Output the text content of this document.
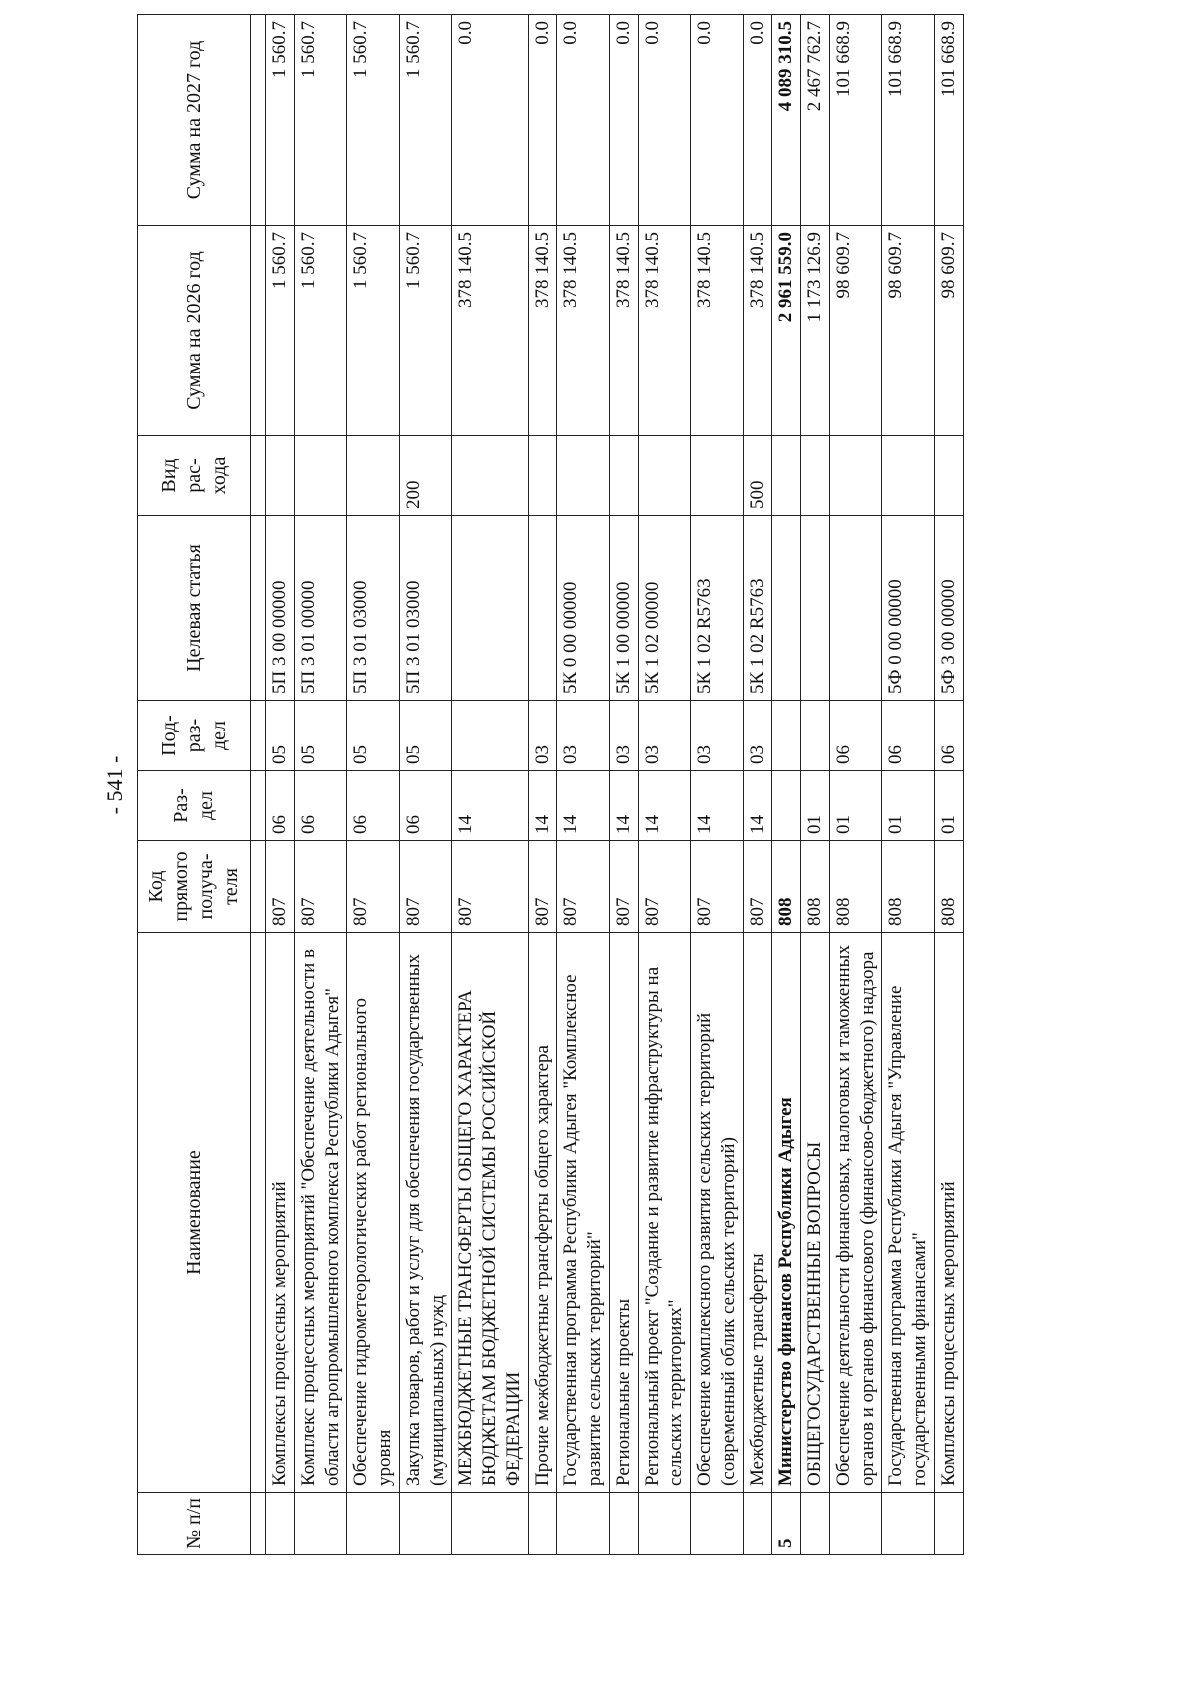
- 541 -
№ п/п	Наименование	Код прямого получа-теля	Раз-дел	Под-раз-дел	Целевая статья	Вид рас-хода	Сумма на 2026 год	Сумма на 2027 год

	Комплексы процессных мероприятий	807	06	05	5П 3 00 00000		1 560.7	1 560.7
	Комплекс процессных мероприятий "Обеспечение деятельности в области агропромышленного комплекса Республики Адыгея"	807	06	05	5П 3 01 00000		1 560.7	1 560.7
	Обеспечение гидрометеорологических работ регионального уровня	807	06	05	5П 3 01 03000		1 560.7	1 560.7
	Закупка товаров, работ и услуг для обеспечения государственных (муниципальных) нужд	807	06	05	5П 3 01 03000	200	1 560.7	1 560.7
	МЕЖБЮДЖЕТНЫЕ ТРАНСФЕРТЫ ОБЩЕГО ХАРАКТЕРА БЮДЖЕТАМ БЮДЖЕТНОЙ СИСТЕМЫ РОССИЙСКОЙ ФЕДЕРАЦИИ	807	14				378 140.5	0.0
	Прочие межбюджетные трансферты общего характера	807	14	03			378 140.5	0.0
	Государственная программа Республики Адыгея "Комплексное развитие сельских территорий"	807	14	03	5К 0 00 00000		378 140.5	0.0
	Региональные проекты	807	14	03	5К 1 00 00000		378 140.5	0.0
	Региональный проект "Создание и развитие инфраструктуры на сельских территориях"	807	14	03	5К 1 02 00000		378 140.5	0.0
	Обеспечение комплексного развития сельских территорий (современный облик сельских территорий)	807	14	03	5К 1 02 R5763		378 140.5	0.0
	Межбюджетные трансферты	807	14	03	5К 1 02 R5763	500	378 140.5	0.0
5	Министерство финансов Республики Адыгея	808					2 961 559.0	4 089 310.5
	ОБЩЕГОСУДАРСТВЕННЫЕ ВОПРОСЫ	808	01				1 173 126.9	2 467 762.7
	Обеспечение деятельности финансовых, налоговых и таможенных органов и органов финансового (финансово-бюджетного) надзора	808	01	06			98 609.7	101 668.9
	Государственная программа Республики Адыгея "Управление государственными финансами"	808	01	06	5Ф 0 00 00000		98 609.7	101 668.9
	Комплексы процессных мероприятий	808	01	06	5Ф 3 00 00000		98 609.7	101 668.9
